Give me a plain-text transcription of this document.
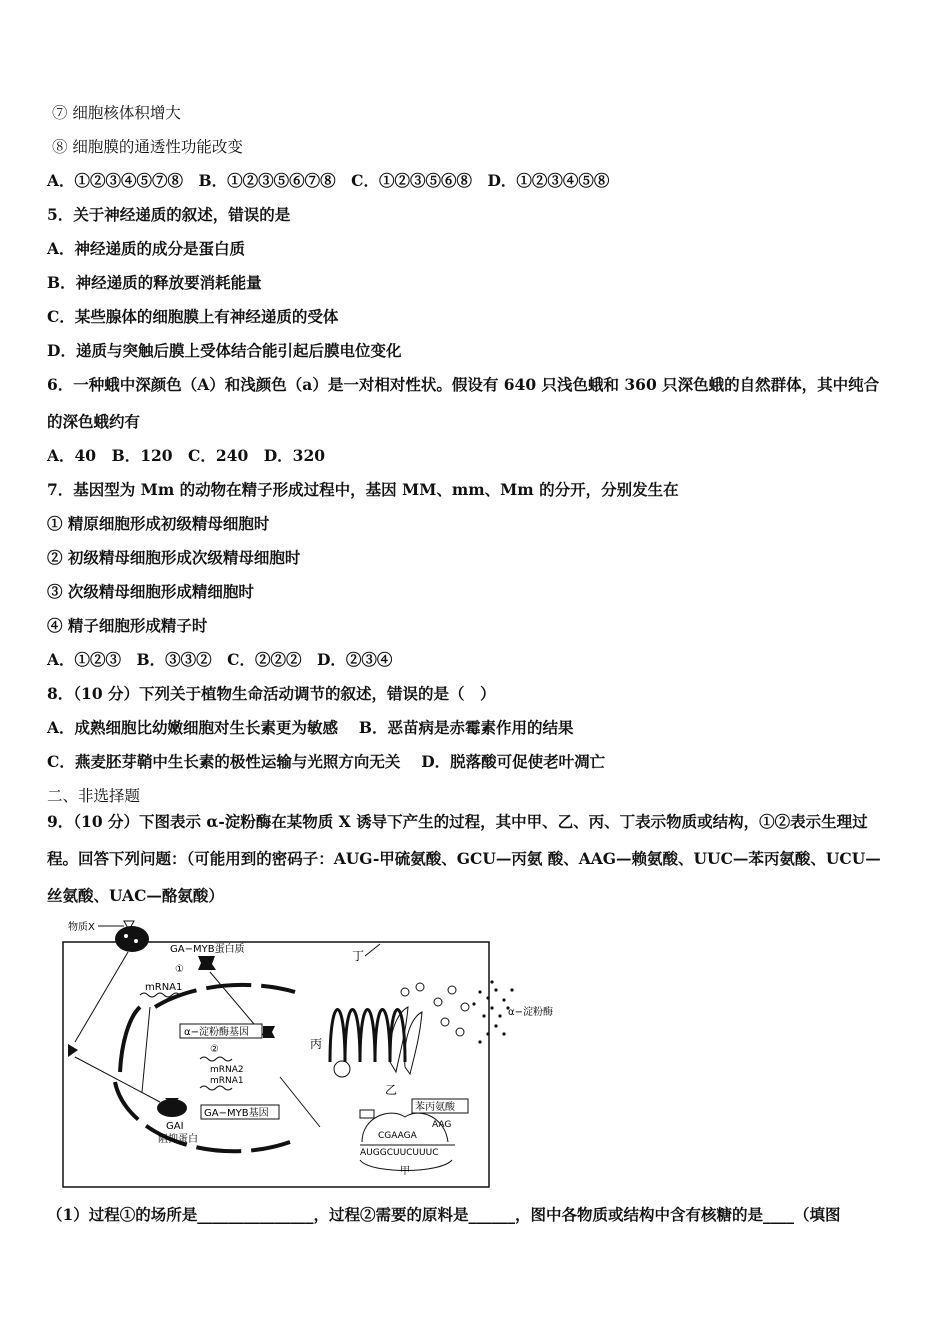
⑦ 细胞核体积增大
⑧ 细胞膜的通透性功能改变
A．①②③④⑤⑦⑧　B．①②③⑤⑥⑦⑧　C．①②③⑤⑥⑧　D．①②③④⑤⑧
5．关于神经递质的叙述，错误的是
A．神经递质的成分是蛋白质
B．神经递质的释放要消耗能量
C．某些腺体的细胞膜上有神经递质的受体
D．递质与突触后膜上受体结合能引起后膜电位变化
6．一种蛾中深颜色（A）和浅颜色（a）是一对相对性状。假设有 640 只浅色蛾和 360 只深色蛾的自然群体，其中纯合
的深色蛾约有
A．40　B．120　C．240　D．320
7．基因型为 Mm 的动物在精子形成过程中，基因 MM、mm、Mm 的分开，分别发生在
① 精原细胞形成初级精母细胞时
② 初级精母细胞形成次级精母细胞时
③ 次级精母细胞形成精细胞时
④ 精子细胞形成精子时
A．①②③　B．③③②　C．②②②　D．②③④
8．（10 分）下列关于植物生命活动调节的叙述，错误的是（　）
A．成熟细胞比幼嫩细胞对生长素更为敏感　 B．恶苗病是赤霉素作用的结果
C．燕麦胚芽鞘中生长素的极性运输与光照方向无关　 D．脱落酸可促使老叶凋亡
二、非选择题
9．（10 分）下图表示 α-淀粉酶在某物质 X 诱导下产生的过程，其中甲、乙、丙、丁表示物质或结构，①②表示生理过
程。回答下列问题：（可能用到的密码子：AUG-甲硫氨酸、GCU—丙氨 酸、AAG—赖氨酸、UUC—苯丙氨酸、UCU—
丝氨酸、UAC—酪氨酸）
物质X
GA−MYB蛋白质
①
mRNA1
α−淀粉酶基因
②
mRNA2
mRNA1
GA−MYB基因
GAI
阻抑蛋白
丁
丙
乙
α−淀粉酶
苯丙氨酸
AAG
CGAAGA
AUGGCUUCUUUC
甲
（1）过程①的场所是_______________，过程②需要的原料是______，图中各物质或结构中含有核糖的是____（填图
